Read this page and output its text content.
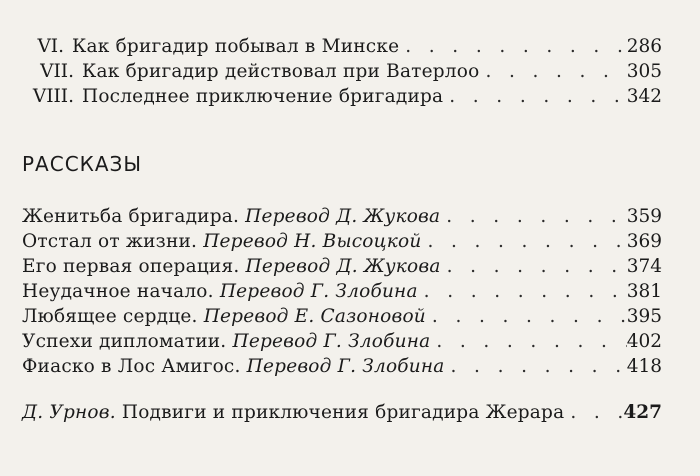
VI. Как бригадир побывал в Минске . .	286
VII. Как бригадир действовал при Ватерлоо . .	305
VIII. Последнее приключение бригадира . .	342
РАССКАЗЫ
Женитьба бригадира. Перевод Д. Жукова . .	359
Отстал от жизни. Перевод Н. Высоцкой . .	369
Его первая операция. Перевод Д. Жукова . .	374
Неудачное начало. Перевод Г. Злобина . .	381
Любящее сердце. Перевод Е. Сазоновой . .	395
Успехи дипломатии. Перевод Г. Злобина . .	402
Фиаско в Лос Амигос. Перевод Г. Злобина . .	418
Д. Урнов. Подвиги и приключения бригадира Жерара . .	427
